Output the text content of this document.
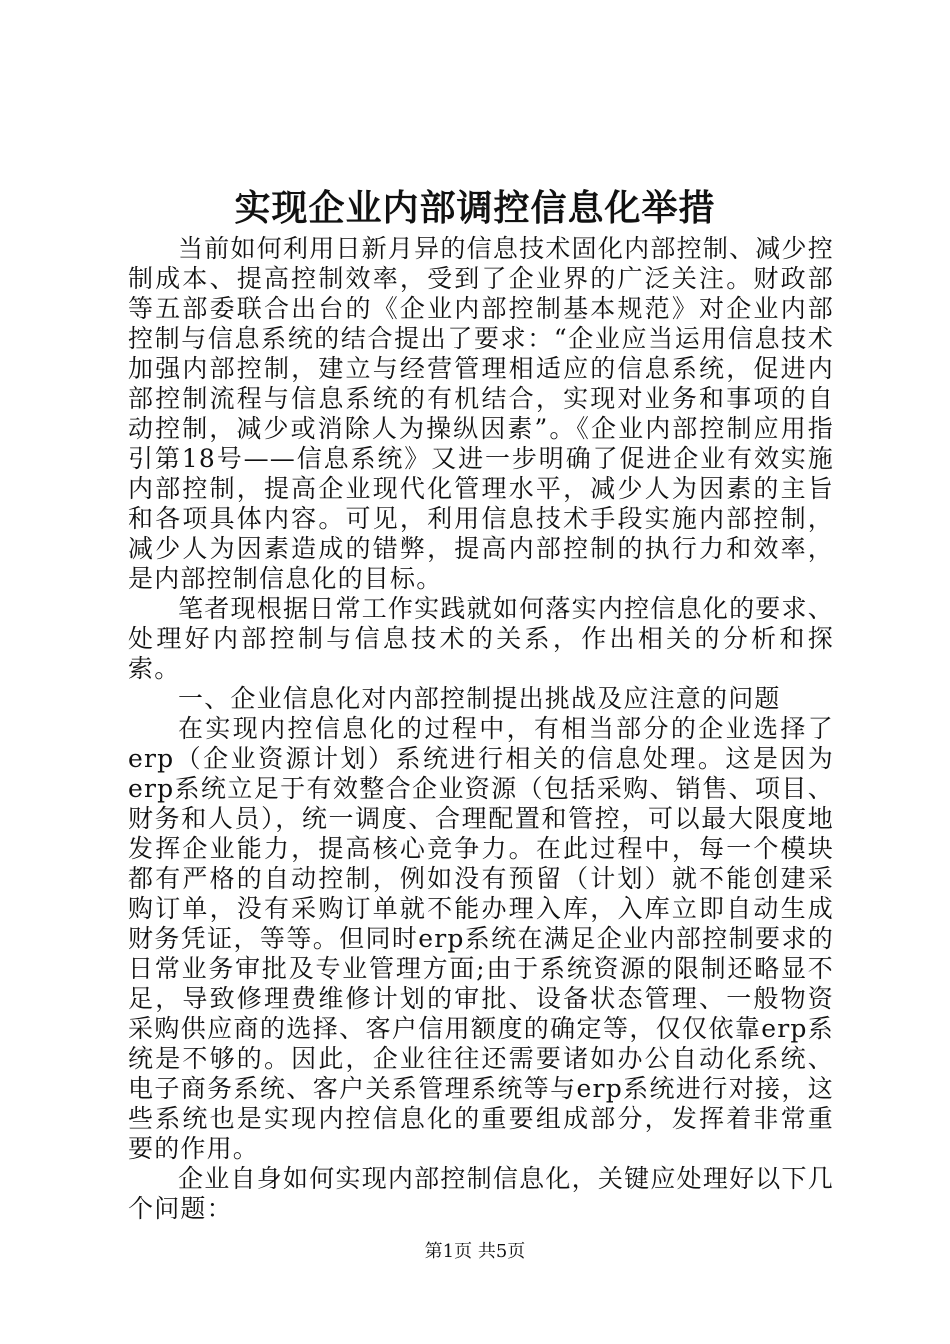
实现企业内部调控信息化举措

当前如何利用日新月异的信息技术固化内部控制、减少控制成本、提高控制效率，受到了企业界的广泛关注。财政部等五部委联合出台的《企业内部控制基本规范》对企业内部控制与信息系统的结合提出了要求：“企业应当运用信息技术加强内部控制，建立与经营管理相适应的信息系统，促进内部控制流程与信息系统的有机结合，实现对业务和事项的自动控制，减少或消除人为操纵因素”。《企业内部控制应用指引第18号——信息系统》又进一步明确了促进企业有效实施内部控制，提高企业现代化管理水平，减少人为因素的主旨和各项具体内容。可见，利用信息技术手段实施内部控制，减少人为因素造成的错弊，提高内部控制的执行力和效率，是内部控制信息化的目标。

笔者现根据日常工作实践就如何落实内控信息化的要求、处理好内部控制与信息技术的关系，作出相关的分析和探索。

一、企业信息化对内部控制提出挑战及应注意的问题

在实现内控信息化的过程中，有相当部分的企业选择了erp（企业资源计划）系统进行相关的信息处理。这是因为erp系统立足于有效整合企业资源（包括采购、销售、项目、财务和人员），统一调度、合理配置和管控，可以最大限度地发挥企业能力，提高核心竞争力。在此过程中，每一个模块都有严格的自动控制，例如没有预留（计划）就不能创建采购订单，没有采购订单就不能办理入库，入库立即自动生成财务凭证，等等。但同时erp系统在满足企业内部控制要求的日常业务审批及专业管理方面;由于系统资源的限制还略显不足，导致修理费维修计划的审批、设备状态管理、一般物资采购供应商的选择、客户信用额度的确定等，仅仅依靠erp系统是不够的。因此，企业往往还需要诸如办公自动化系统、电子商务系统、客户关系管理系统等与erp系统进行对接，这些系统也是实现内控信息化的重要组成部分，发挥着非常重要的作用。

企业自身如何实现内部控制信息化，关键应处理好以下几个问题：

第1页 共5页
